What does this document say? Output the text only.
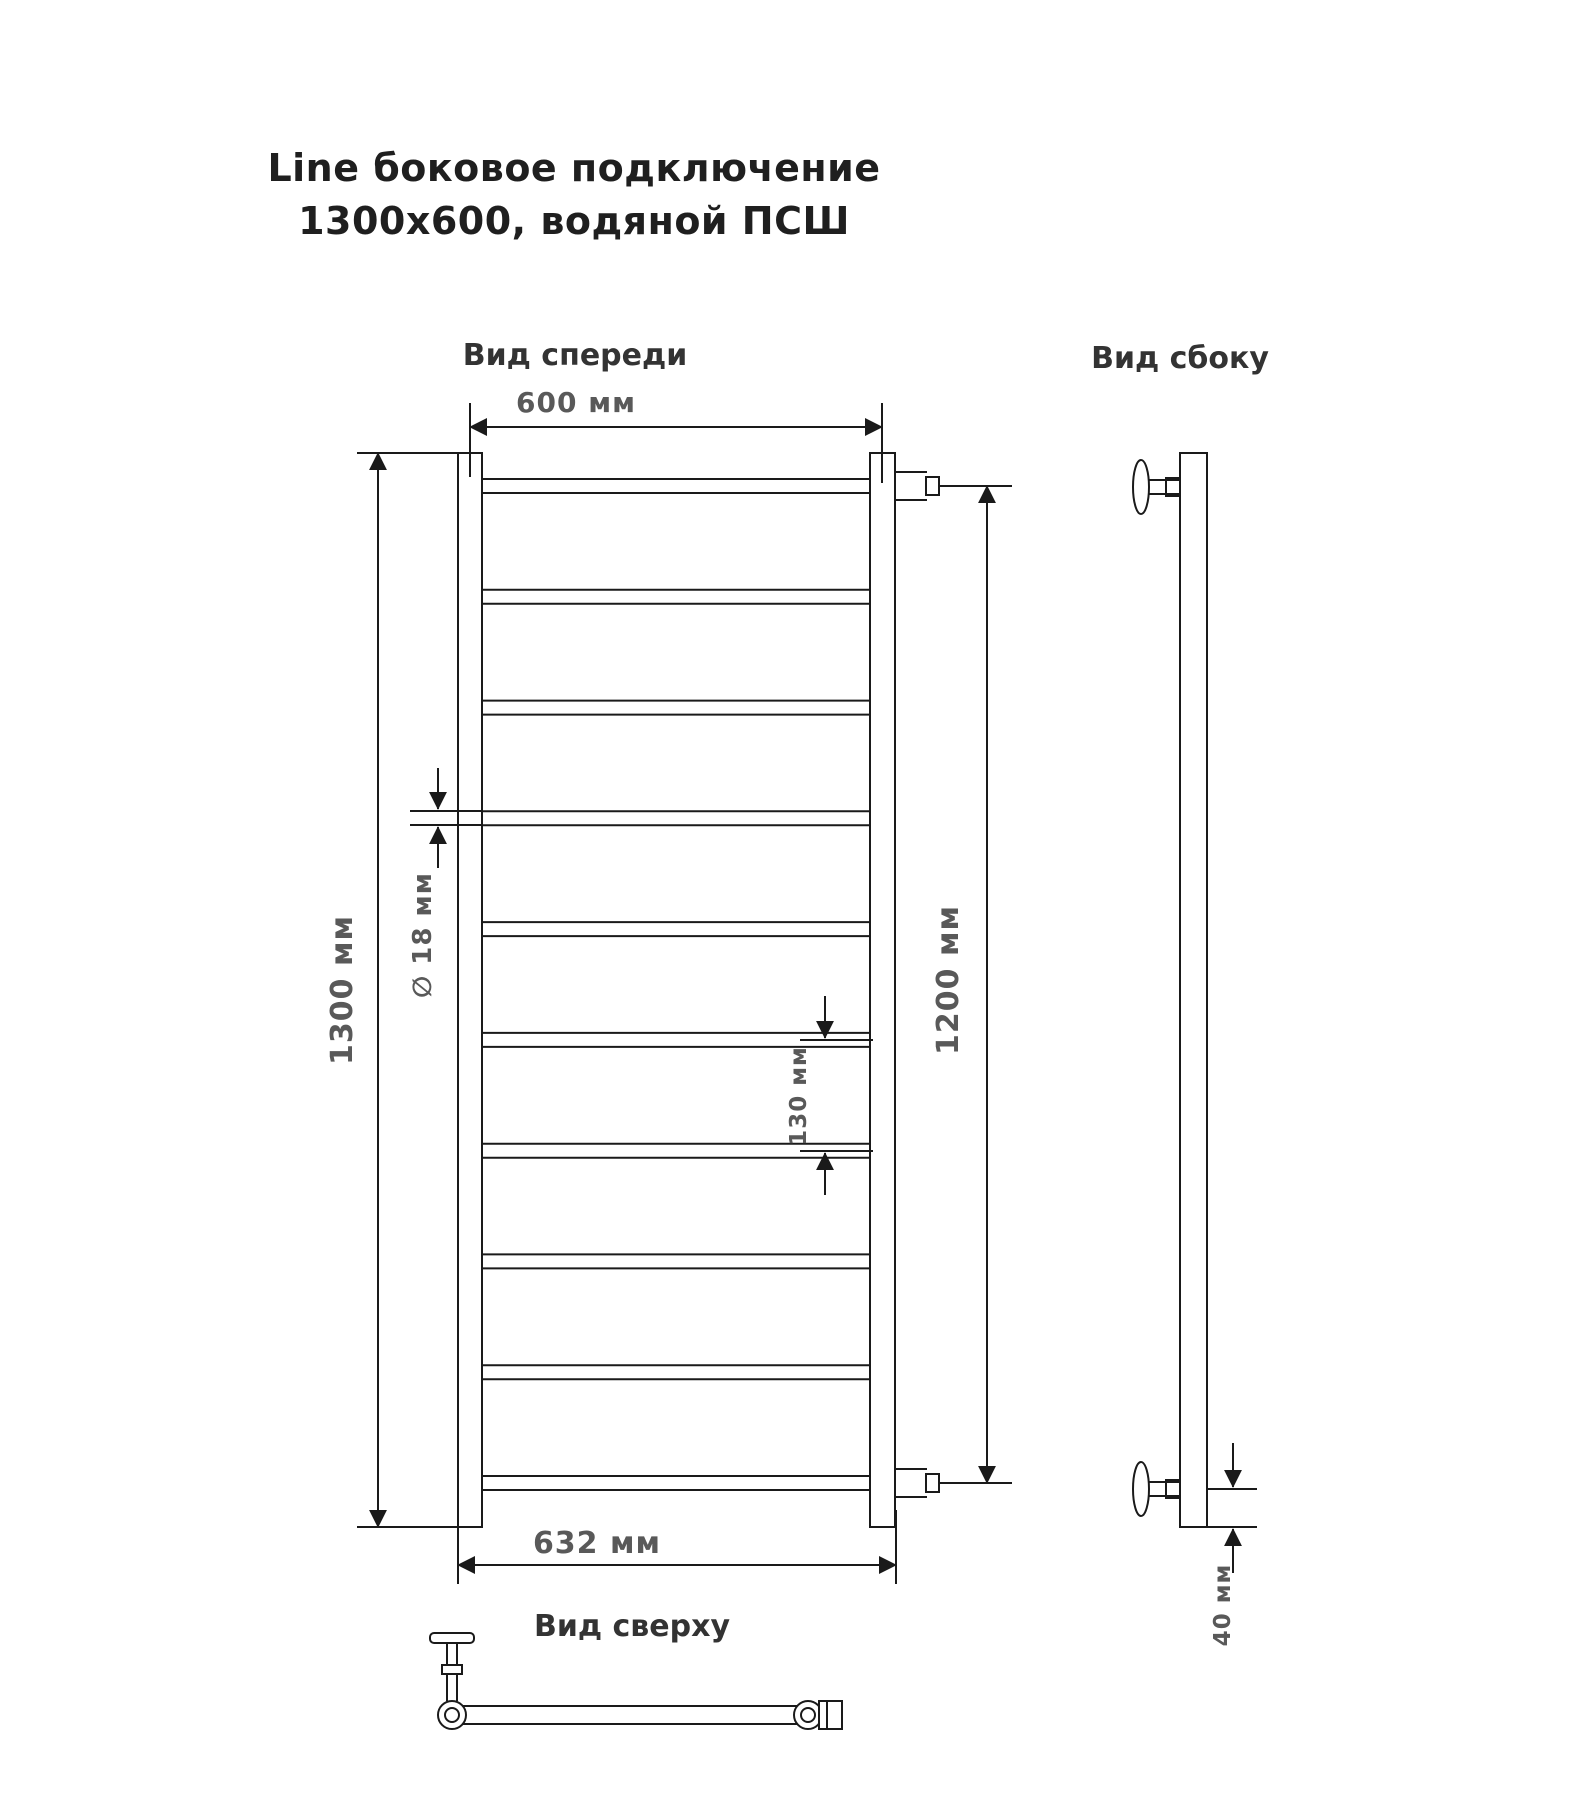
Line боковое подключение
1300х600, водяной ПСШ
Вид спереди	Вид сбоку
Вид сверху
600 мм
1300 мм ∅ 18 мм
130 мм
1200 мм
632 мм
40 мм
